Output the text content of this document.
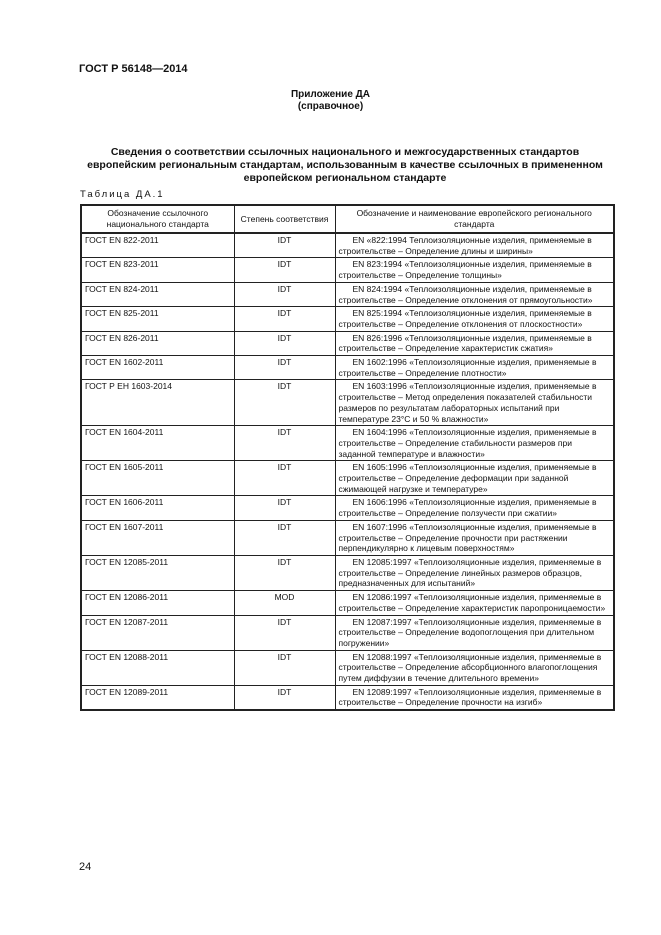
ГОСТ Р 56148—2014
Приложение ДА
(справочное)
Сведения о соответствии ссылочных национального и межгосударственных стандартов европейским региональным стандартам, использованным в качестве ссылочных в примененном европейском региональном стандарте
Таблица ДА.1
Обозначение ссылочного национального стандарта	Степень соответствия	Обозначение и наименование европейского регионального стандарта
ГОСТ EN 822-2011	IDT	EN «822:1994 Теплоизоляционные изделия, применяемые в строительстве – Определение длины и ширины»
ГОСТ EN 823-2011	IDT	EN 823:1994 «Теплоизоляционные изделия, применяемые в строительстве – Определение толщины»
ГОСТ EN 824-2011	IDT	EN 824:1994 «Теплоизоляционные изделия, применяемые в строительстве – Определение отклонения от прямоугольности»
ГОСТ EN 825-2011	IDT	EN 825:1994 «Теплоизоляционные изделия, применяемые в строительстве – Определение отклонения от плоскостности»
ГОСТ EN 826-2011	IDT	EN 826:1996 «Теплоизоляционные изделия, применяемые в строительстве – Определение характеристик сжатия»
ГОСТ EN 1602-2011	IDT	EN 1602:1996 «Теплоизоляционные изделия, применяемые в строительстве – Определение плотности»
ГОСТ Р ЕН 1603-2014	IDT	EN 1603:1996 «Теплоизоляционные изделия, применяемые в строительстве – Метод определения показателей стабильности размеров по результатам лабораторных испытаний при температуре 23°С и 50 % влажности»
ГОСТ EN 1604-2011	IDT	EN 1604:1996 «Теплоизоляционные изделия, применяемые в строительстве – Определение стабильности размеров при заданной температуре и влажности»
ГОСТ EN 1605-2011	IDT	EN 1605:1996 «Теплоизоляционные изделия, применяемые в строительстве – Определение деформации при заданной сжимающей нагрузке и температуре»
ГОСТ EN 1606-2011	IDT	EN 1606:1996 «Теплоизоляционные изделия, применяемые в строительстве – Определение ползучести при сжатии»
ГОСТ EN 1607-2011	IDT	EN 1607:1996 «Теплоизоляционные изделия, применяемые в строительстве – Определение прочности при растяжении перпендикулярно к лицевым поверхностям»
ГОСТ EN 12085-2011	IDT	EN 12085:1997 «Теплоизоляционные изделия, применяемые в строительстве – Определение линейных размеров образцов, предназначенных для испытаний»
ГОСТ EN 12086-2011	MOD	EN 12086:1997 «Теплоизоляционные изделия, применяемые в строительстве – Определение характеристик паропроницаемости»
ГОСТ EN 12087-2011	IDT	EN 12087:1997 «Теплоизоляционные изделия, применяемые в строительстве – Определение водопоглощения при длительном погружении»
ГОСТ EN 12088-2011	IDT	EN 12088:1997 «Теплоизоляционные изделия, применяемые в строительстве – Определение абсорбционного влагопоглощения путем диффузии в течение длительного времени»
ГОСТ EN 12089-2011	IDT	EN 12089:1997 «Теплоизоляционные изделия, применяемые в строительстве – Определение прочности на изгиб»
24
